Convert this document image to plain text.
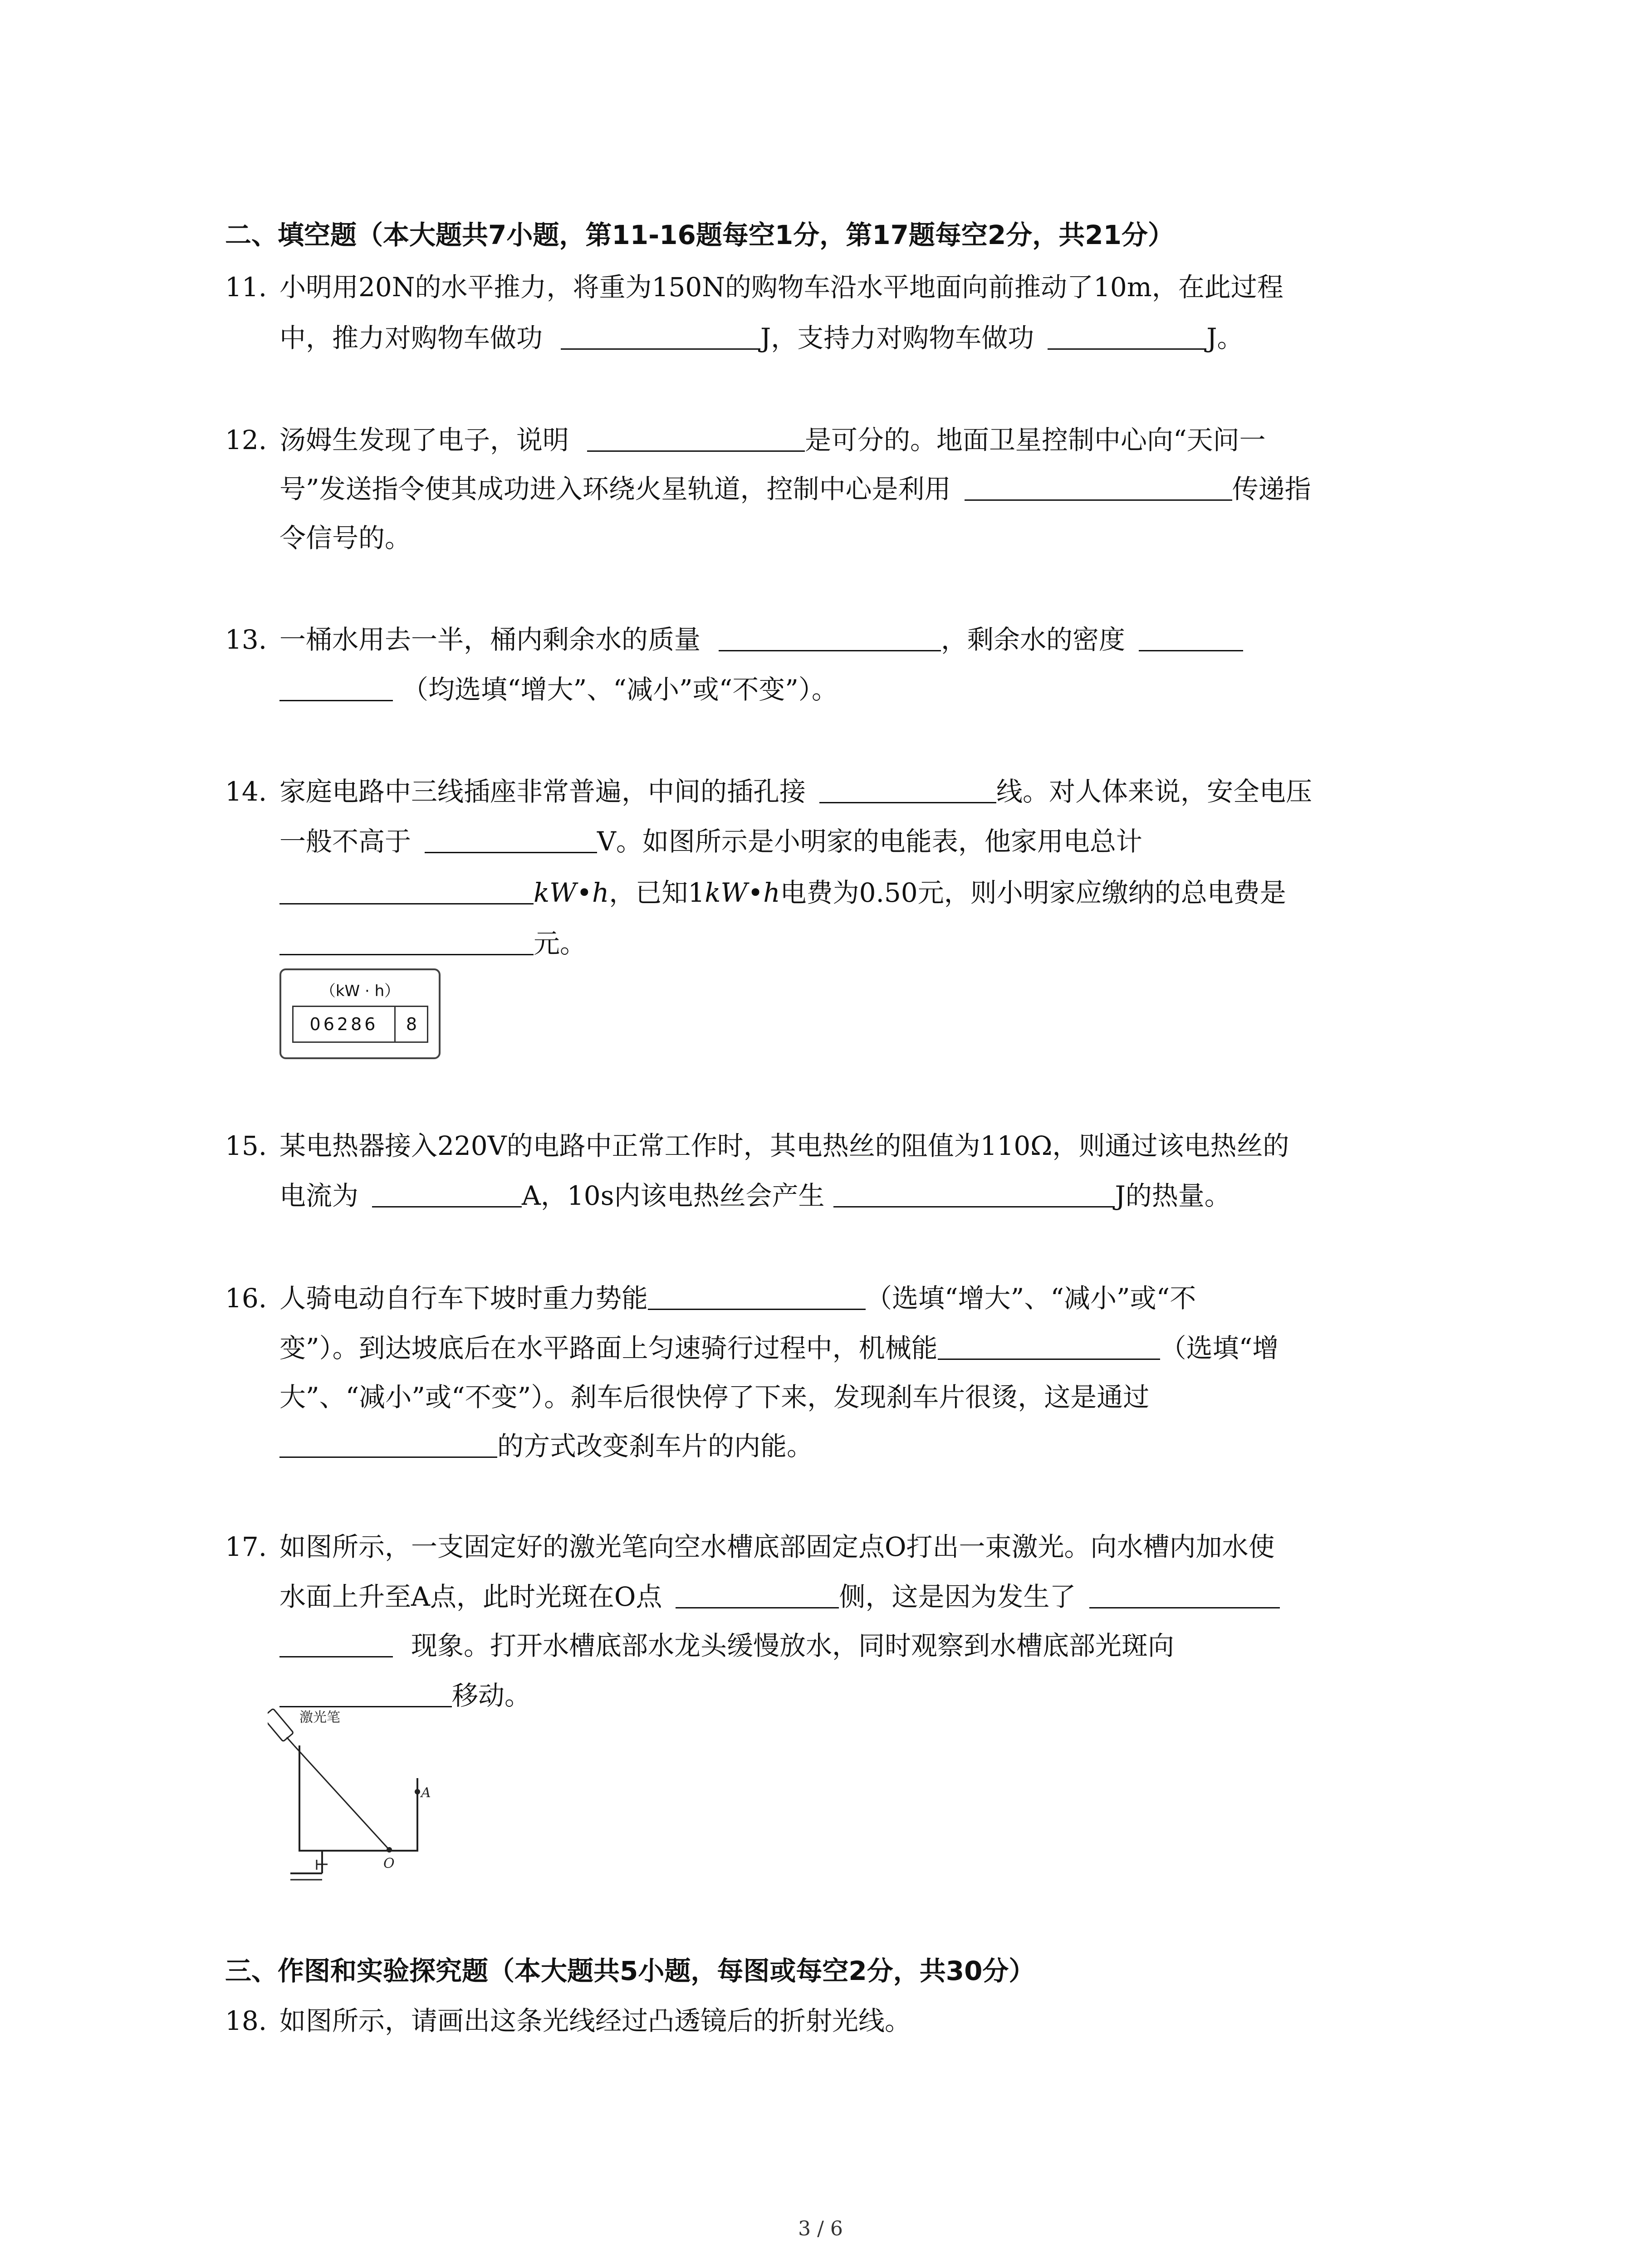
二、填空题（本大题共7小题，第11-16题每空1分，第17题每空2分，共21分）
11. 小明用20N的水平推力，将重为150N的购物车沿水平地面向前推动了10m，在此过程
中，推力对购物车做功	J，支持力对购物车做功	J。
12. 汤姆生发现了电子，说明	是可分的。地面卫星控制中心向“天问一
号”发送指令使其成功进入环绕火星轨道，控制中心是利用	传递指
令信号的。
13. 一桶水用去一半，桶内剩余水的质量	，剩余水的密度
（均选填“增大”、“减小”或“不变”）。
14. 家庭电路中三线插座非常普遍，中间的插孔接	线。对人体来说，安全电压
一般不高于	V。如图所示是小明家的电能表，他家用电总计
kW•h，已知1kW•h电费为0.50元，则小明家应缴纳的总电费是
元。
（kW · h）
06286	8
15. 某电热器接入220V的电路中正常工作时，其电热丝的阻值为110Ω，则通过该电热丝的
电流为	A，10s内该电热丝会产生	J的热量。
16. 人骑电动自行车下坡时重力势能	（选填“增大”、“减小”或“不
变”）。到达坡底后在水平路面上匀速骑行过程中，机械能	（选填“增
大”、“减小”或“不变”）。刹车后很快停了下来，发现刹车片很烫，这是通过
的方式改变刹车片的内能。
17. 如图所示，一支固定好的激光笔向空水槽底部固定点O打出一束激光。向水槽内加水使
水面上升至A点，此时光斑在O点	侧，这是因为发生了
现象。打开水槽底部水龙头缓慢放水，同时观察到水槽底部光斑向
移动。
激光笔
O
A
三、作图和实验探究题（本大题共5小题，每图或每空2分，共30分）
18. 如图所示，请画出这条光线经过凸透镜后的折射光线。
3 / 6
